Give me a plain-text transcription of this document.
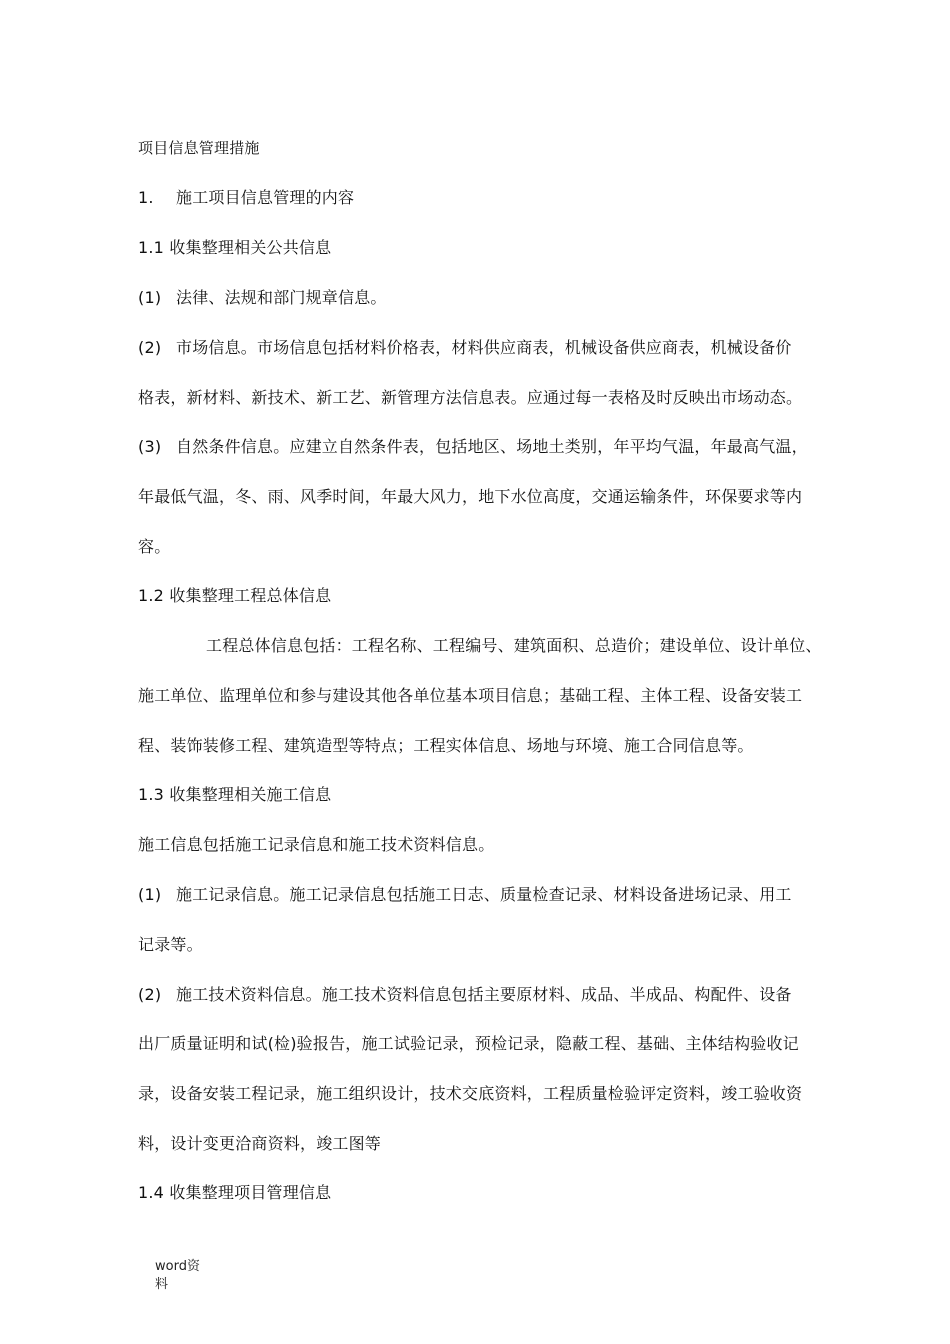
项目信息管理措施
1. 施工项目信息管理的内容
1.1 收集整理相关公共信息
(1) 法律、法规和部门规章信息。
(2) 市场信息。市场信息包括材料价格表，材料供应商表，机械设备供应商表，机械设备价
格表，新材料、新技术、新工艺、新管理方法信息表。应通过每一表格及时反映出市场动态。
(3) 自然条件信息。应建立自然条件表，包括地区、场地土类别，年平均气温，年最高气温，
年最低气温，冬、雨、风季时间，年最大风力，地下水位高度，交通运输条件，环保要求等内
容。
1.2 收集整理工程总体信息
工程总体信息包括：工程名称、工程编号、建筑面积、总造价；建设单位、设计单位、
施工单位、监理单位和参与建设其他各单位基本项目信息；基础工程、主体工程、设备安装工
程、装饰装修工程、建筑造型等特点；工程实体信息、场地与环境、施工合同信息等。
1.3 收集整理相关施工信息
施工信息包括施工记录信息和施工技术资料信息。
(1) 施工记录信息。施工记录信息包括施工日志、质量检查记录、材料设备进场记录、用工
记录等。
(2) 施工技术资料信息。施工技术资料信息包括主要原材料、成品、半成品、构配件、设备
出厂质量证明和试(检)验报告，施工试验记录，预检记录，隐蔽工程、基础、主体结构验收记
录，设备安装工程记录，施工组织设计，技术交底资料，工程质量检验评定资料，竣工验收资
料，设计变更洽商资料，竣工图等
1.4 收集整理项目管理信息
word资
料
